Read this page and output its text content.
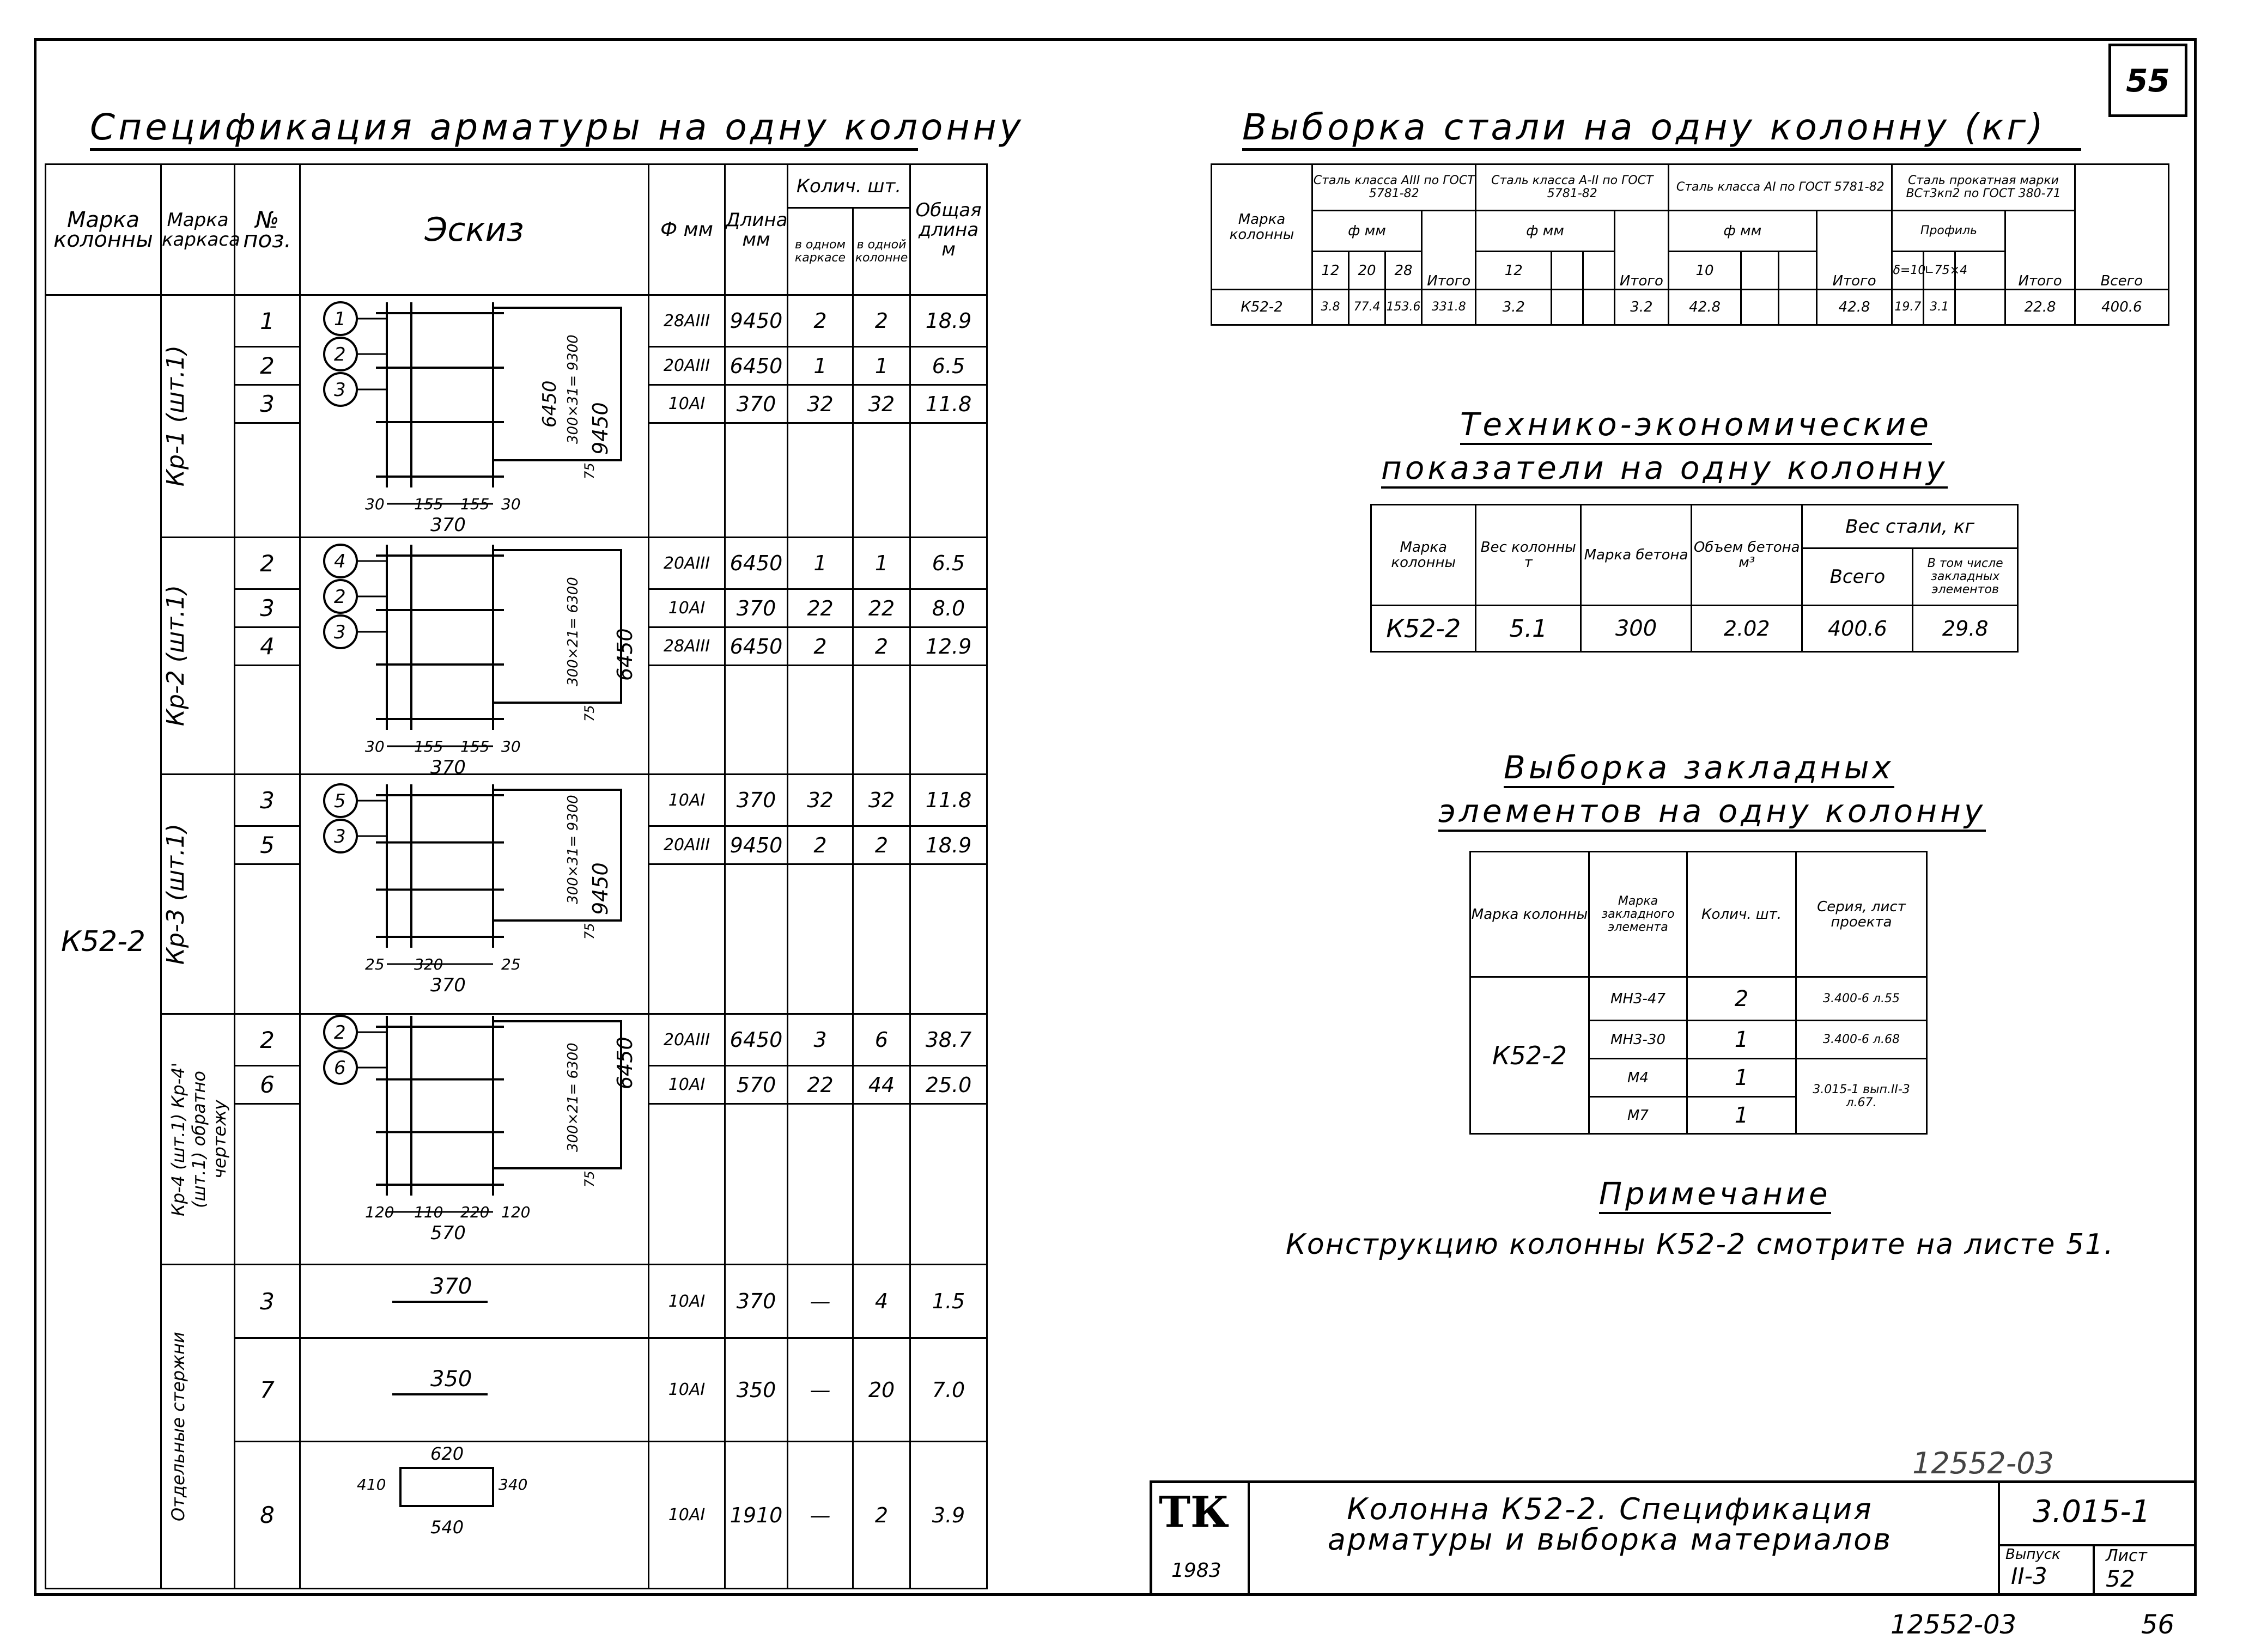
55
Спецификация арматуры на одну колонну
Марка колонны	Марка каркаса	№ поз.	Эскиз	Ф мм	Длина мм	Колич. шт.		Общая длина м
						в одном каркасе	в одной колонне	
К52-2	Кр-1 (шт.1)	1		28AIII	9450	2	2	18.9
		2		20AIII	6450	1	1	6.5
		3		10AI	370	32	32	11.8

	Кр-2 (шт.1)	2		20AIII	6450	1	1	6.5
		3		10AI	370	22	22	8.0
		4		28AIII	6450	2	2	12.9

	Кр-3 (шт.1)	3		10AI	370	32	32	11.8
		5		20AIII	9450	2	2	18.9

	Кр-4 (шт.1) Кр-4' (шт.1) обратно чертежу	2		20AIII	6450	3	6	38.7
		6		10AI	570	22	44	25.0

	Отдельные стержни	3		10AI	370	—	4	1.5
		7		10AI	350	—	20	7.0
		8		10AI	1910	—	2	3.9
1
2
3
30 155 155 30
370
300×31= 9300
6450 9450
75
4
2
3
30 155 155 30
370
300×21= 6300
75
5
3
25 320	25
370
300×31= 9300 9450
75
2
6
120 110 220 120
570
300×21= 6300
75
6450
6450
370
350
620
410	340
540
Выборка стали на одну колонну (кг)
Марка колонны	Сталь класса AIII по ГОСТ 5781-82				Сталь класса A-II по ГОСТ 5781-82				Сталь класса AI по ГОСТ 5781-82				Сталь прокатная марки ВСт3кп2 по ГОСТ 380-71				Всего
	ф мм			Итого	ф мм			Итого	ф мм			Итого	Профиль			Итого	
	12	20	28		12				10				δ=10	∟75×4			
К52-2	3.8	77.4	153.6	331.8	3.2			3.2	42.8			42.8	19.7	3.1		22.8	400.6
Технико-экономические
показатели на одну колонну
Марка колонны	Вес колонны т	Марка бетона	Объем бетона м³	Вес стали, кг	
				Всего	В том числе закладных элементов
К52-2	5.1	300	2.02	400.6	29.8
Выборка закладных
элементов на одну колонну
Марка колонны	Марка закладного элемента	Колич. шт.	Серия, лист проекта
К52-2	МН3-47	2	3.400-6 л.55
	МН3-30	1	3.400-6 л.68
	М4	1	3.015-1 вып.II-3 л.67.
	М7	1	
Примечание
Конструкцию колонны К52-2 смотрите на листе 51.
12552-03
12552-03	56
ТК
1983
Колонна К52-2. Спецификация арматуры и выборка материалов
3.015-1
Выпуск
II-3
Лист
52
